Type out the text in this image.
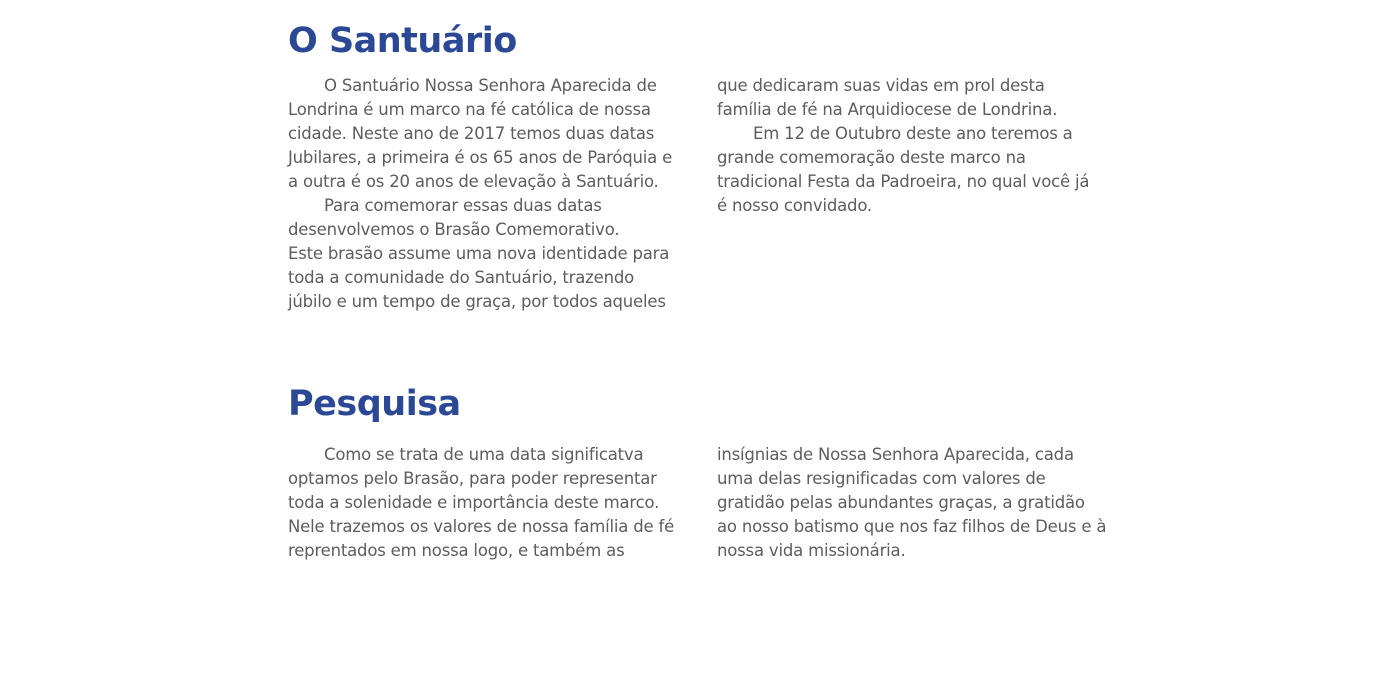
O Santuário
O Santuário Nossa Senhora Aparecida de
Londrina é um marco na fé católica de nossa
cidade. Neste ano de 2017 temos duas datas
Jubilares, a primeira é os 65 anos de Paróquia e
a outra é os 20 anos de elevação à Santuário.
Para comemorar essas duas datas
desenvolvemos o Brasão Comemorativo.
Este brasão assume uma nova identidade para
toda a comunidade do Santuário, trazendo
júbilo e um tempo de graça, por todos aqueles
que dedicaram suas vidas em prol desta
família de fé na Arquidiocese de Londrina.
Em 12 de Outubro deste ano teremos a
grande comemoração deste marco na
tradicional Festa da Padroeira, no qual você já
é nosso convidado.
Pesquisa
Como se trata de uma data significatva
optamos pelo Brasão, para poder representar
toda a solenidade e importância deste marco.
Nele trazemos os valores de nossa família de fé
reprentados em nossa logo, e também as
insígnias de Nossa Senhora Aparecida, cada
uma delas resignificadas com valores de
gratidão pelas abundantes graças, a gratidão
ao nosso batismo que nos faz filhos de Deus e à
nossa vida missionária.
